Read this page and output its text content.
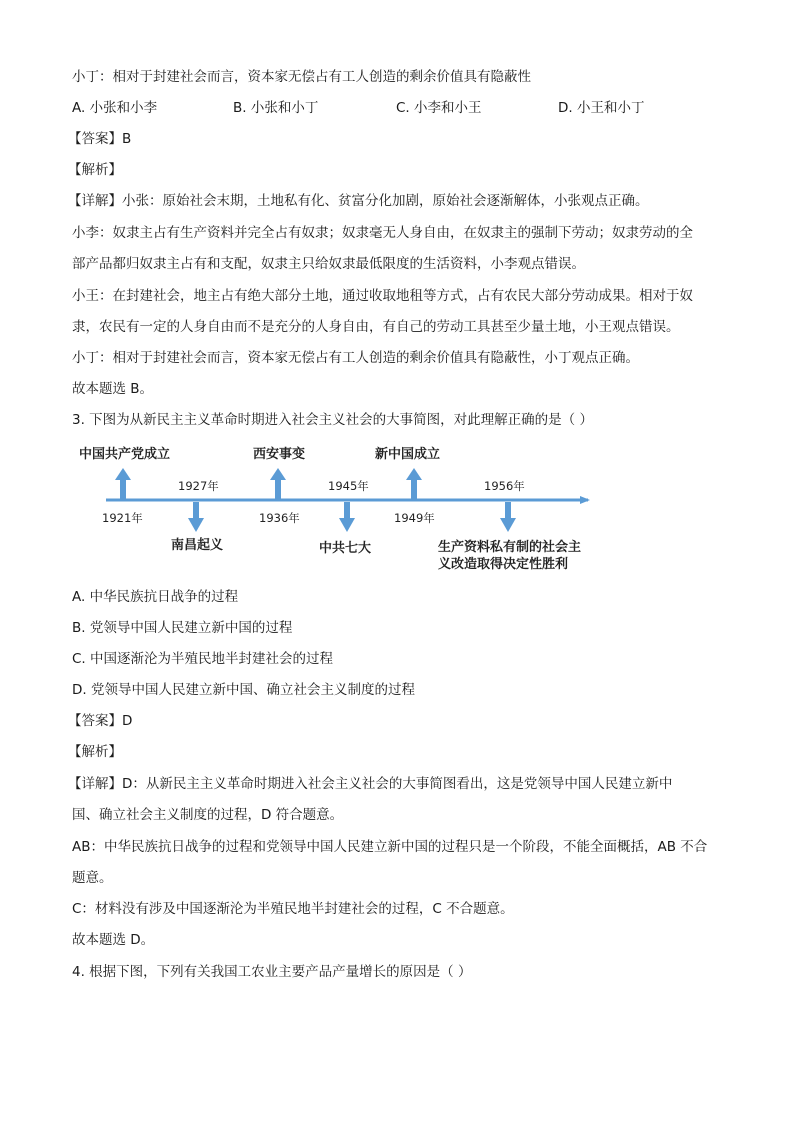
小丁：相对于封建社会而言，资本家无偿占有工人创造的剩余价值具有隐蔽性
A. 小张和小李	B. 小张和小丁	C. 小李和小王	D. 小王和小丁
【答案】B
【解析】
【详解】小张：原始社会末期，土地私有化、贫富分化加剧，原始社会逐渐解体，小张观点正确。
小李：奴隶主占有生产资料并完全占有奴隶；奴隶毫无人身自由，在奴隶主的强制下劳动；奴隶劳动的全
部产品都归奴隶主占有和支配，奴隶主只给奴隶最低限度的生活资料，小李观点错误。
小王：在封建社会，地主占有绝大部分土地，通过收取地租等方式，占有农民大部分劳动成果。相对于奴
隶，农民有一定的人身自由而不是充分的人身自由，有自己的劳动工具甚至少量土地，小王观点错误。
小丁：相对于封建社会而言，资本家无偿占有工人创造的剩余价值具有隐蔽性，小丁观点正确。
故本题选 B。
3. 下图为从新民主主义革命时期进入社会主义社会的大事简图，对此理解正确的是（ ）
中国共产党成立	西安事变	新中国成立
1921年	1936年	1949年
1927年	1945年	1956年
南昌起义	中共七大	生产资料私有制的社会主
义改造取得决定性胜利
A. 中华民族抗日战争的过程
B. 党领导中国人民建立新中国的过程
C. 中国逐渐沦为半殖民地半封建社会的过程
D. 党领导中国人民建立新中国、确立社会主义制度的过程
【答案】D
【解析】
【详解】D：从新民主主义革命时期进入社会主义社会的大事简图看出，这是党领导中国人民建立新中
国、确立社会主义制度的过程，D 符合题意。
AB：中华民族抗日战争的过程和党领导中国人民建立新中国的过程只是一个阶段，不能全面概括，AB 不合
题意。
C：材料没有涉及中国逐渐沦为半殖民地半封建社会的过程，C 不合题意。
故本题选 D。
4. 根据下图，下列有关我国工农业主要产品产量增长的原因是（ ）
